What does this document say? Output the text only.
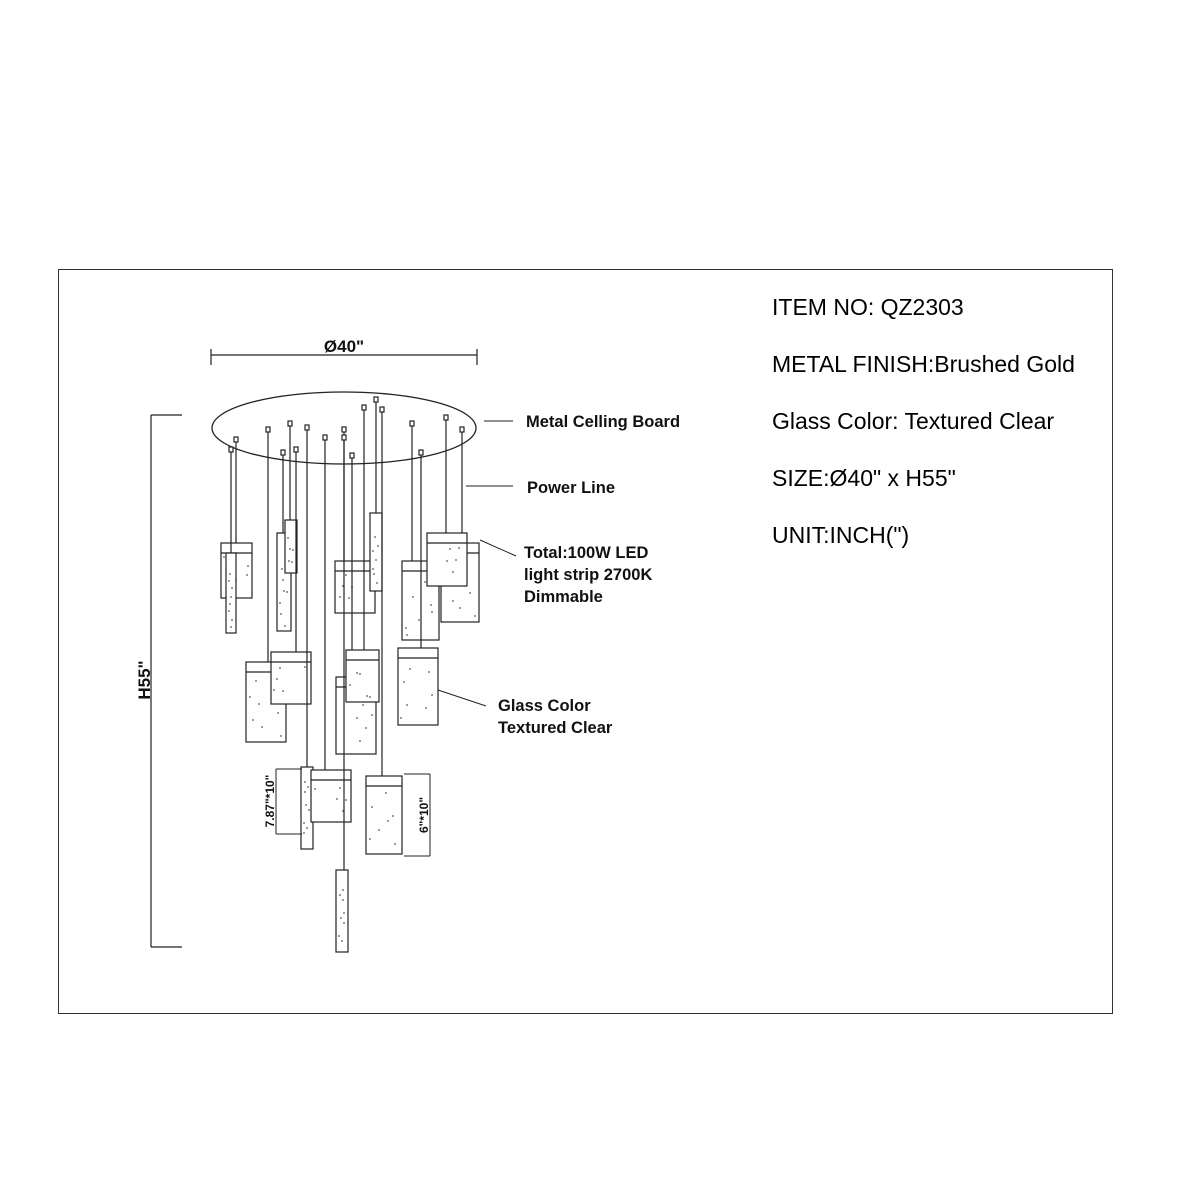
Ø40"
H55"
Metal Celling Board
Power Line
Total:100W LED
light strip 2700K
Dimmable
Glass Color
Textured Clear
7.87"*10"	6"*10"
ITEM NO: QZ2303
METAL FINISH:Brushed Gold
Glass Color: Textured Clear
SIZE:Ø40" x H55"
UNIT:INCH(")
